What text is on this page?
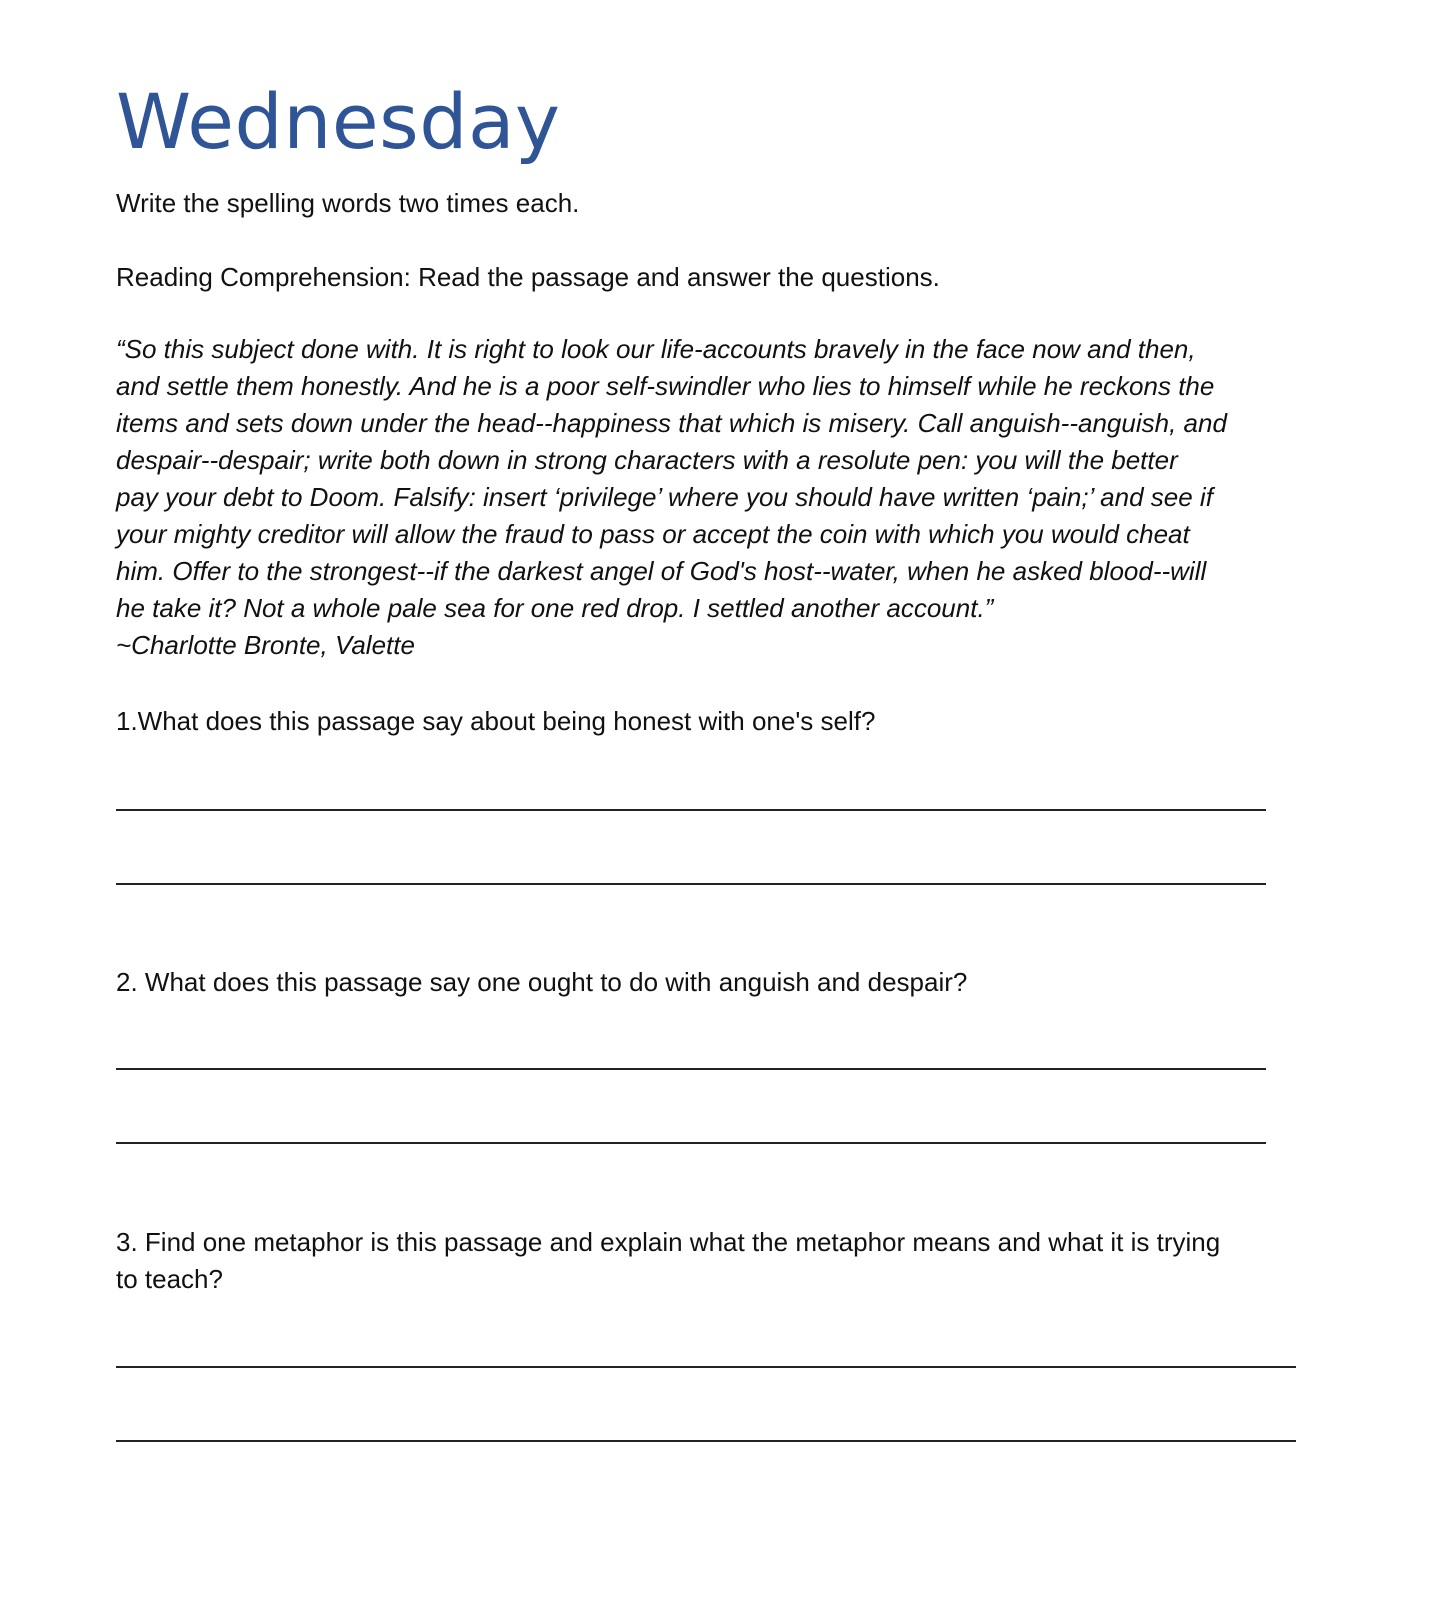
Wednesday

Write the spelling words two times each.

Reading Comprehension: Read the passage and answer the questions.

“So this subject done with. It is right to look our life-accounts bravely in the face now and then,
and settle them honestly. And he is a poor self-swindler who lies to himself while he reckons the
items and sets down under the head--happiness that which is misery. Call anguish--anguish, and
despair--despair; write both down in strong characters with a resolute pen: you will the better
pay your debt to Doom. Falsify: insert ‘privilege’ where you should have written ‘pain;’ and see if
your mighty creditor will allow the fraud to pass or accept the coin with which you would cheat
him. Offer to the strongest--if the darkest angel of God's host--water, when he asked blood--will
he take it? Not a whole pale sea for one red drop. I settled another account.”
~Charlotte Bronte, Valette

1.What does this passage say about being honest with one's self?

2. What does this passage say one ought to do with anguish and despair?

3. Find one metaphor is this passage and explain what the metaphor means and what it is trying

to teach?
